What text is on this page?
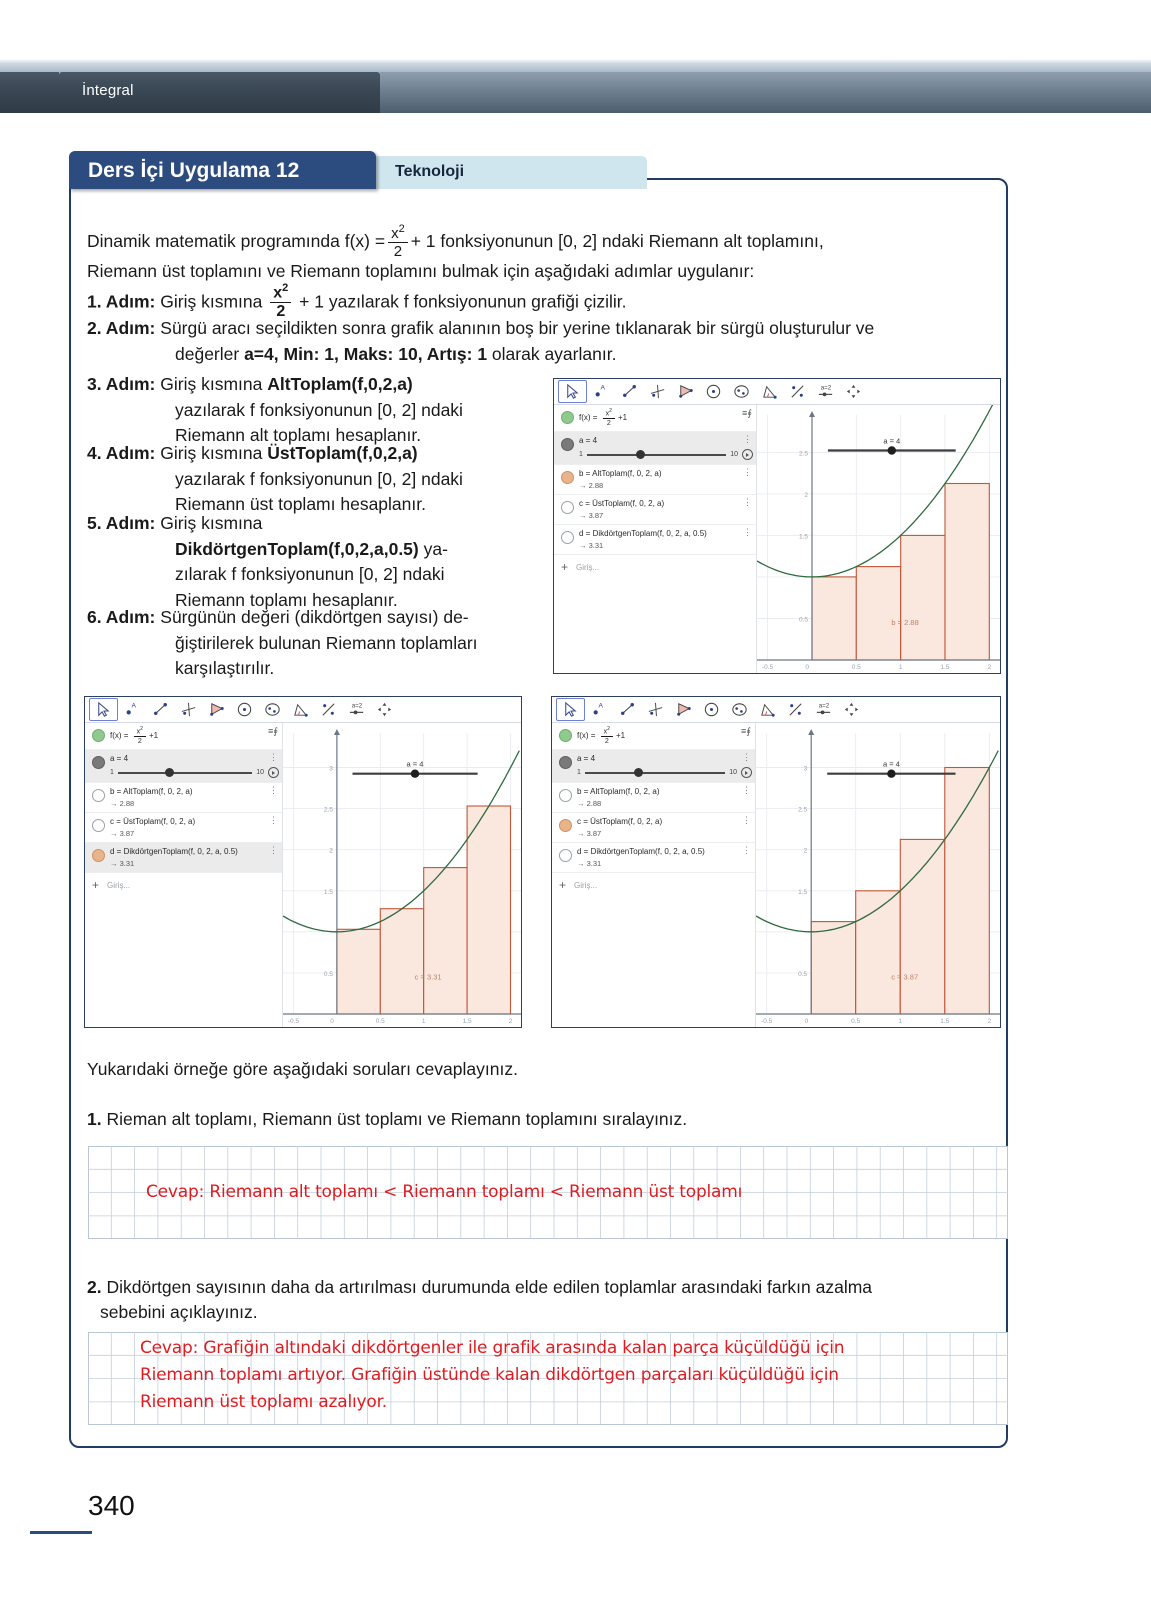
İntegral
Teknoloji
Ders İçi Uygulama 12
Dinamik matematik programında $f(x) = \frac{x^2}{2} + 1$ fonksiyonunun [0, 2] ndaki Riemann alt toplamını,
Riemann üst toplamını ve Riemann toplamını bulmak için aşağıdaki adımlar uygulanır:
1. Adım: Giriş kısmına $\frac{x^2}{2} + 1$ yazılarak f fonksiyonunun grafiği çizilir.
2. Adım: Sürgü aracı seçildikten sonra grafik alanının boş bir yerine tıklanarak bir sürgü oluşturulur ve
değerler a=4, Min: 1, Maks: 10, Artış: 1 olarak ayarlanır.
3. Adım: Giriş kısmına AltToplam(f,0,2,a)
yazılarak f fonksiyonunun [0, 2] ndaki
Riemann alt toplamı hesaplanır.
4. Adım: Giriş kısmına ÜstToplam(f,0,2,a)
yazılarak f fonksiyonunun [0, 2] ndaki
Riemann üst toplamı hesaplanır.
5. Adım: Giriş kısmına
DikdörtgenToplam(f,0,2,a,0.5) ya-
zılarak f fonksiyonunun [0, 2] ndaki
Riemann toplamı hesaplanır.
6. Adım: Sürgünün değeri (dikdörtgen sayısı) de-
ğiştirilerek bulunan Riemann toplamları
karşılaştırılır.
A	a=2
$f(x) = \frac{x^2}{2} +1$	≡∮
a = 4
1	10
⋮
b = AltToplam(f, 0, 2, a)
→ 2.88
⋮
c = ÜstToplam(f, 0, 2, a)
→ 3.87
⋮
d = DikdörtgenToplam(f, 0, 2, a, 0.5)
→ 3.31
⋮
+ Giriş...
2.5
2
1.5
0.5
-0.5	0.5	1	1.5	2
0
a = 4
b = 2.88
A	a=2
$f(x) = \frac{x^2}{2} +1$	≡∮
a = 4
1	10
⋮
b = AltToplam(f, 0, 2, a)
→ 2.88
⋮
c = ÜstToplam(f, 0, 2, a)
→ 3.87
⋮
d = DikdörtgenToplam(f, 0, 2, a, 0.5)
→ 3.31
⋮
+ Giriş...
3
2.5
2
1.5
0.5
-0.5	0.5	1	1.5	2
0
a = 4
c = 3.31
A	a=2
$f(x) = \frac{x^2}{2} +1$	≡∮
a = 4
1	10
⋮
b = AltToplam(f, 0, 2, a)
→ 2.88
⋮
c = ÜstToplam(f, 0, 2, a)
→ 3.87
⋮
d = DikdörtgenToplam(f, 0, 2, a, 0.5)
→ 3.31
⋮
+ Giriş...
3
2.5
2
1.5
0.5
-0.5	0.5	1	1.5	2
0
a = 4
c = 3.87
Yukarıdaki örneğe göre aşağıdaki soruları cevaplayınız.
1. Rieman alt toplamı, Riemann üst toplamı ve Riemann toplamını sıralayınız.
Cevap: Riemann alt toplamı < Riemann toplamı < Riemann üst toplamı
2. Dikdörtgen sayısının daha da artırılması durumunda elde edilen toplamlar arasındaki farkın azalma
sebebini açıklayınız.
Cevap: Grafiğin altındaki dikdörtgenler ile grafik arasında kalan parça küçüldüğü için
Riemann toplamı artıyor. Grafiğin üstünde kalan dikdörtgen parçaları küçüldüğü için
Riemann üst toplamı azalıyor.
340
